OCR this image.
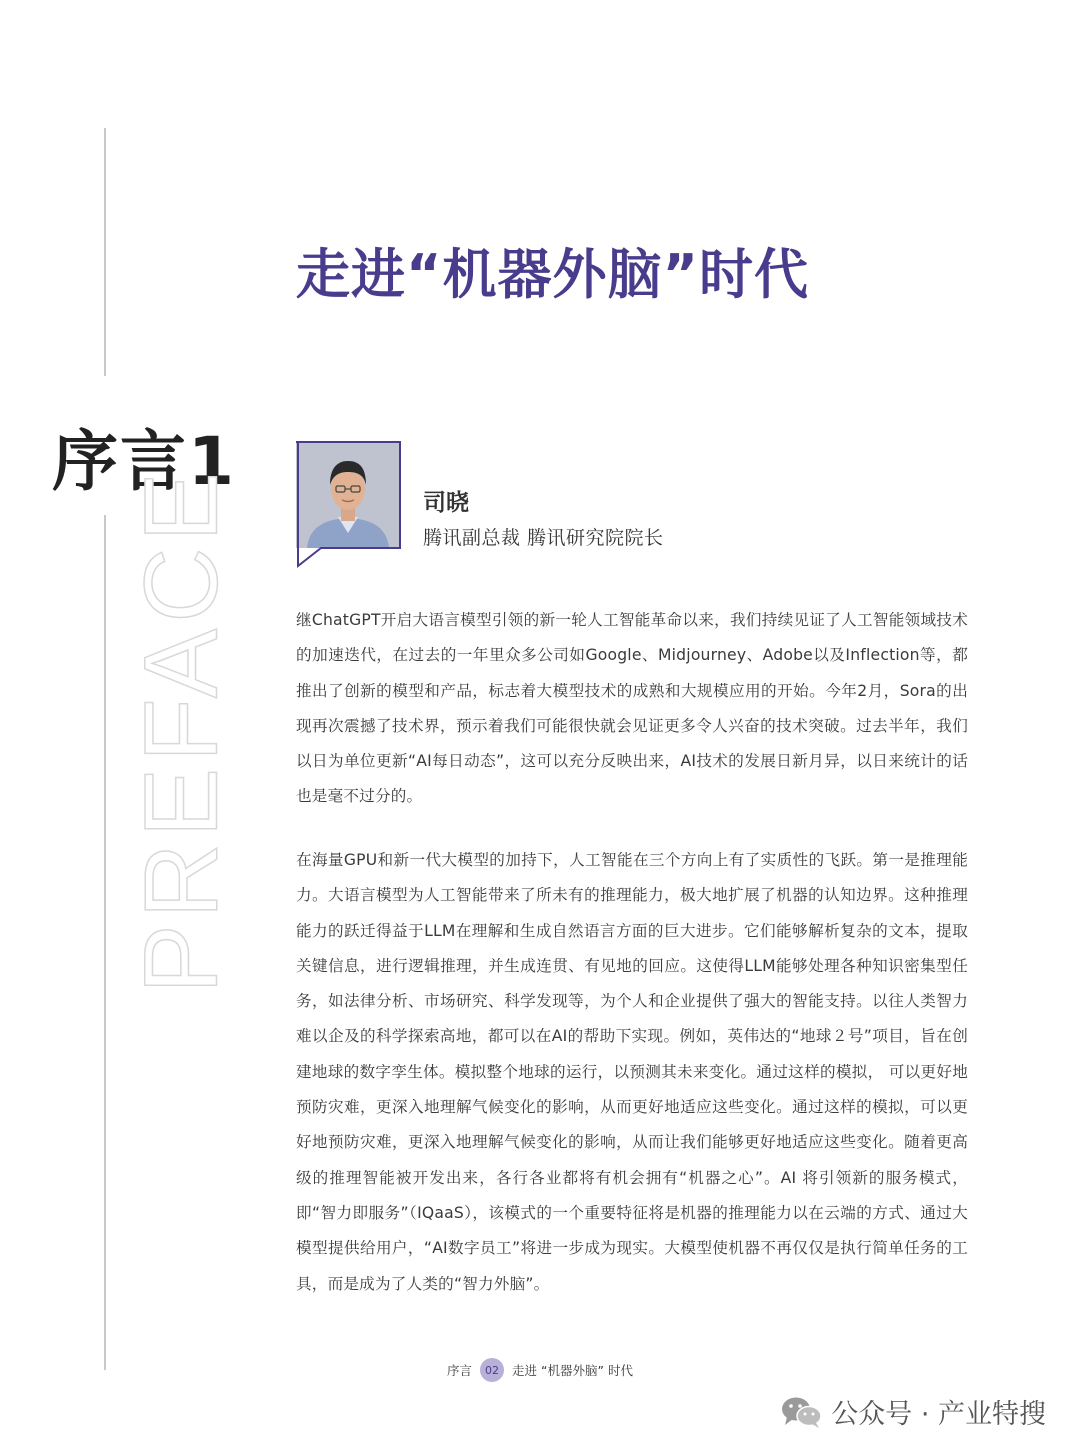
走进“机器外脑”时代
序言1
PREFACE	司晓
腾讯副总裁 腾讯研究院院长

继ChatGPT开启大语言模型引领的新一轮人工智能革命以来，我们持续见证了人工智能领域技术的加速迭代，在过去的一年里众多公司如Google、Midjourney、Adobe以及Inflection等，都推出了创新的模型和产品，标志着大模型技术的成熟和大规模应用的开始。今年2月，Sora的出现再次震撼了技术界，预示着我们可能很快就会见证更多令人兴奋的技术突破。过去半年，我们以日为单位更新“AI每日动态”，这可以充分反映出来，AI技术的发展日新月异，以日来统计的话也是毫不过分的。

在海量GPU和新一代大模型的加持下，人工智能在三个方向上有了实质性的飞跃。第一是推理能力。大语言模型为人工智能带来了所未有的推理能力，极大地扩展了机器的认知边界。这种推理能力的跃迁得益于LLM在理解和生成自然语言方面的巨大进步。它们能够解析复杂的文本，提取关键信息，进行逻辑推理，并生成连贯、有见地的回应。这使得LLM能够处理各种知识密集型任务，如法律分析、市场研究、科学发现等，为个人和企业提供了强大的智能支持。以往人类智力难以企及的科学探索高地，都可以在AI的帮助下实现。例如，英伟达的“地球２号”项目，旨在创建地球的数字孪生体。模拟整个地球的运行，以预测其未来变化。通过这样的模拟， 可以更好地预防灾难，更深入地理解气候变化的影响，从而更好地适应这些变化。通过这样的模拟，可以更好地预防灾难，更深入地理解气候变化的影响，从而让我们能够更好地适应这些变化。随着更高级的推理智能被开发出来，各行各业都将有机会拥有“机器之心”。AI 将引领新的服务模式，即“智力即服务”（IQaaS），该模式的一个重要特征将是机器的推理能力以在云端的方式、通过大模型提供给用户，“AI数字员工”将进一步成为现实。大模型使机器不再仅仅是执行简单任务的工具，而是成为了人类的“智力外脑”。

序言	02	走进 “机器外脑” 时代
公众号 · 产业特搜
